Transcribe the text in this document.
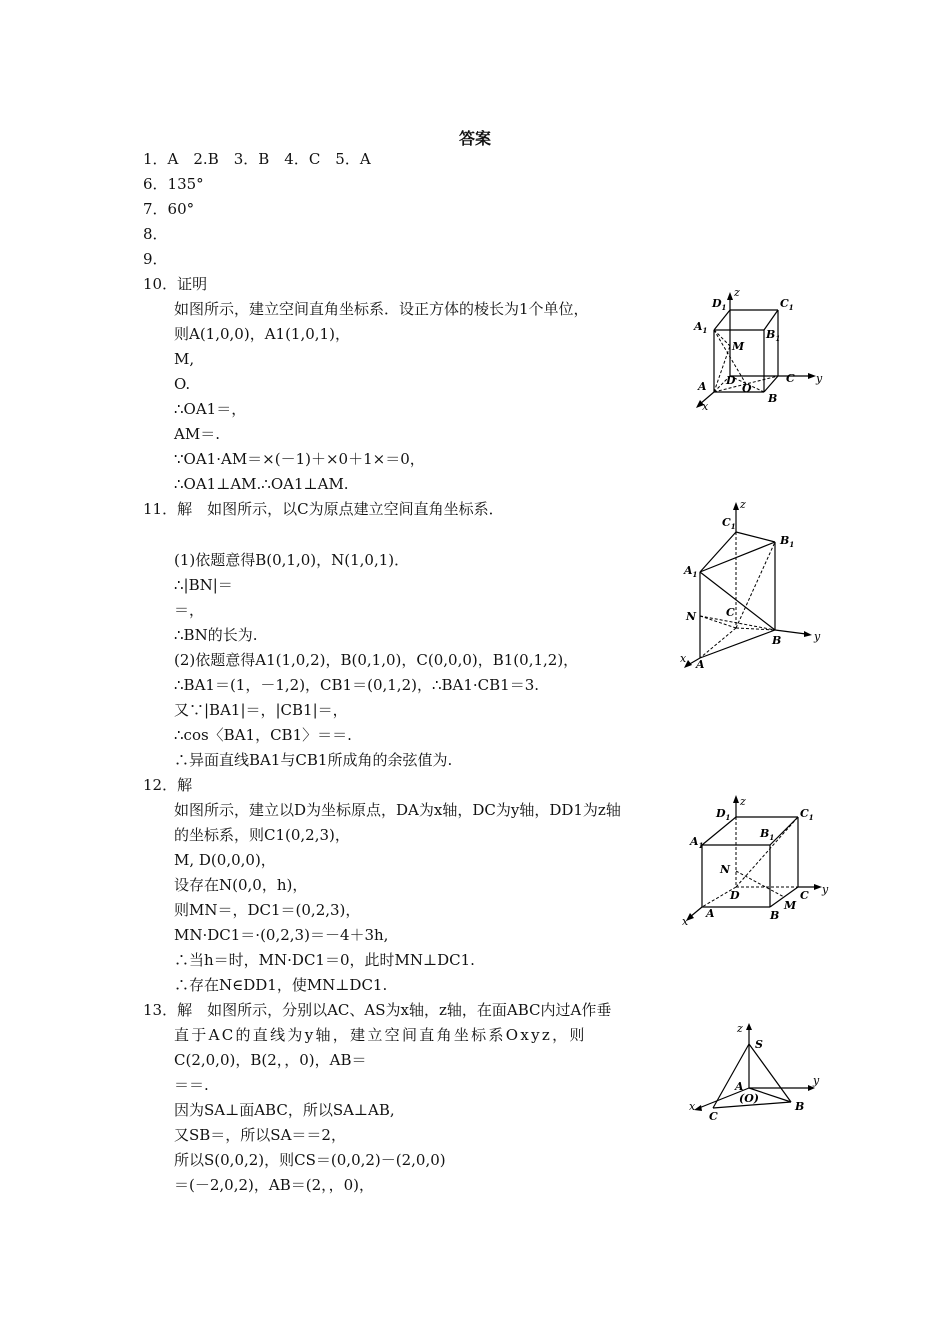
答案
1．A　2.B　3．B　4．C　5．A
6．135°
7．60°
8．
9．
10．证明
如图所示，建立空间直角坐标系．设正方体的棱长为1个单位，
则A(1,0,0)，A1(1,0,1)，
M,
O.
∴OA1＝，
AM＝.
∵OA1·AM＝×(－1)＋×0＋1×＝0，
∴OA1⊥AM.∴OA1⊥AM.
11．解　如图所示，以C为原点建立空间直角坐标系．
(1)依题意得B(0,1,0)，N(1,0,1)．
∴|BN|＝
＝，
∴BN的长为.
(2)依题意得A1(1,0,2)，B(0,1,0)，C(0,0,0)，B1(0,1,2)，
∴BA1＝(1，－1,2)，CB1＝(0,1,2)，∴BA1·CB1＝3.
又∵|BA1|＝，|CB1|＝，
∴cos〈BA1，CB1〉＝＝.
∴异面直线BA1与CB1所成角的余弦值为.
12．解
如图所示，建立以D为坐标原点，DA为x轴，DC为y轴，DD1为z轴
的坐标系，则C1(0,2,3)，
M, D(0,0,0)，
设存在N(0,0，h)，
则MN＝，DC1＝(0,2,3)，
MN·DC1＝·(0,2,3)＝－4＋3h,
∴当h＝时，MN·DC1＝0，此时MN⊥DC1.
∴存在N∈DD1，使MN⊥DC1.
13．解　如图所示，分别以AC、AS为x轴，z轴，在面ABC内过A作垂
直于AC的直线为y轴，建立空间直角坐标系Oxyz，则
C(2,0,0)，B(2，，0)，AB＝
＝＝.
因为SA⊥面ABC，所以SA⊥AB,
又SB＝，所以SA＝＝2，
所以S(0,0,2)，则CS＝(0,0,2)－(2,0,0)
＝(－2,0,2)，AB＝(2，，0)，
$D_1$	$C_1$
$A_1$	$B_1$
M
A D
O
C
B
z
y
x
$C_1$
$B_1$
$A_1$
N	C
B
A
z
y
x
$D_1$	$C_1$
$B_1$
$A_1$
N
D	C
A	B
M
z
y
x
S
A
(O)
C
B
z
y
x
